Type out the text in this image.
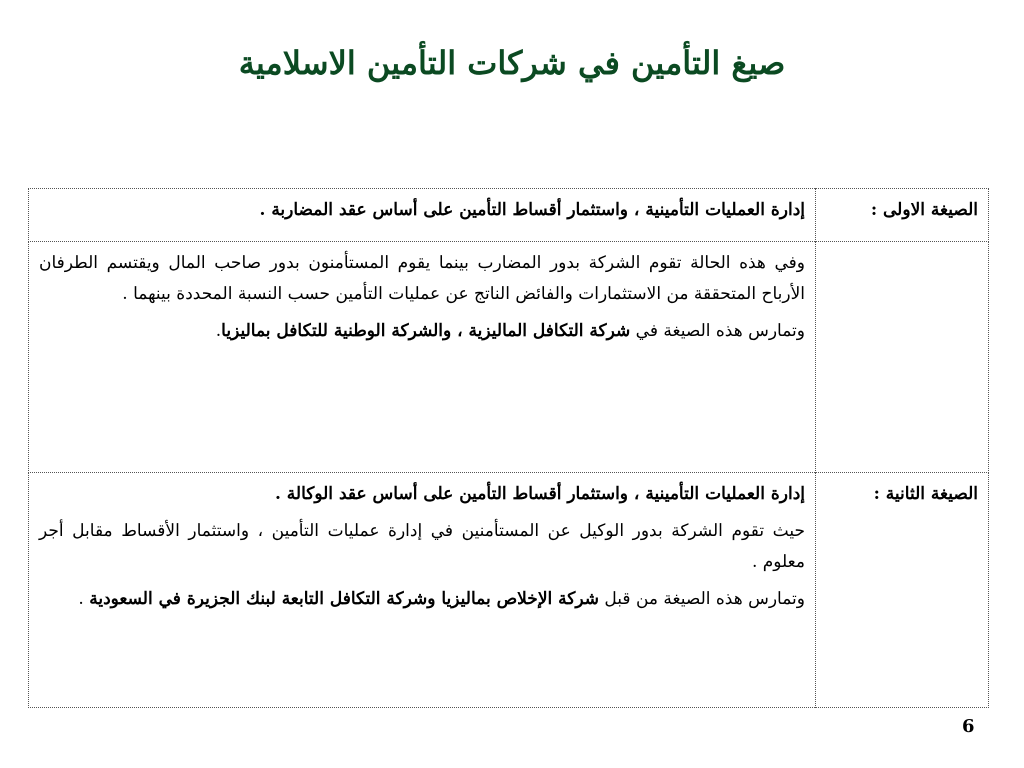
صيغ التأمين في شركات التأمين الاسلامية
الصيغة الاولى :	إدارة العمليات التأمينية ، واستثمار أقساط التأمين على أساس عقد المضاربة .

	وفي هذه الحالة تقوم الشركة بدور المضارب بينما يقوم المستأمنون بدور صاحب المال ويقتسم الطرفان الأرباح المتحققة من الاستثمارات والفائض الناتج عن عمليات التأمين حسب النسبة المحددة بينهما .

وتمارس هذه الصيغة في شركة التكافل الماليزية ، والشركة الوطنية للتكافل بماليزيا.

الصيغة الثانية :	إدارة العمليات التأمينية ، واستثمار أقساط التأمين على أساس عقد الوكالة .

حيث تقوم الشركة بدور الوكيل عن المستأمنين في إدارة عمليات التأمين ، واستثمار الأقساط مقابل أجر معلوم .

وتمارس هذه الصيغة من قبل شركة الإخلاص بماليزيا وشركة التكافل التابعة لبنك الجزيرة في السعودية .

6
